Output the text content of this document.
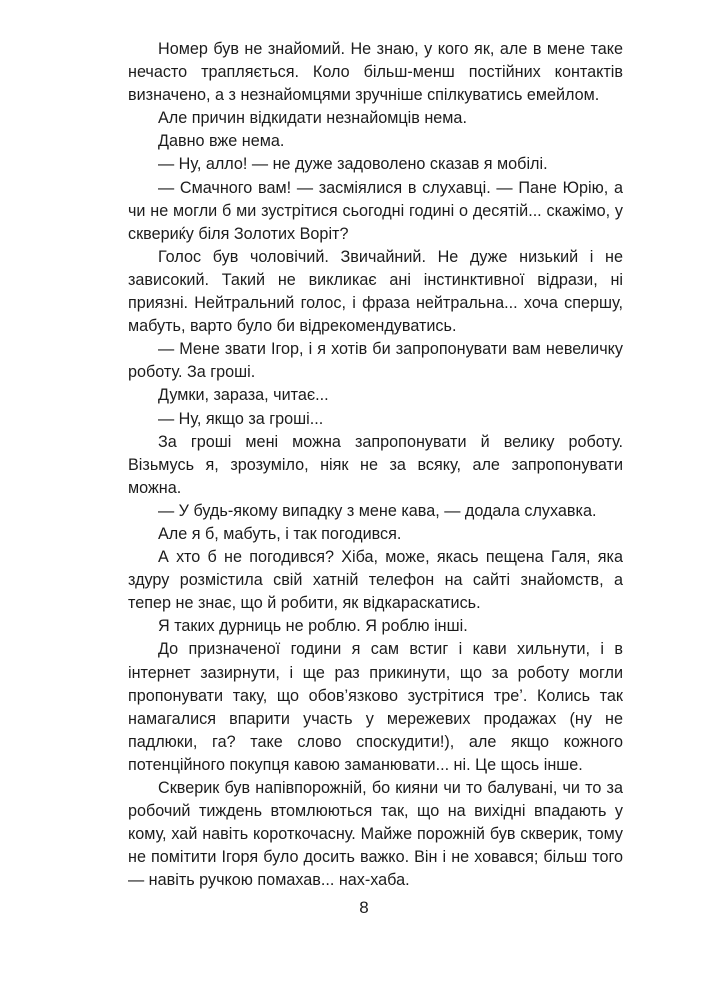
Номер був не знайомий. Не знаю, у кого як, але в мене таке нечасто трапляється. Коло більш-менш постійних контактів визначено, а з незнайомцями зручніше спілкуватись емейлом.

Але причин відкидати незнайомців нема.

Давно вже нема.

— Ну, алло! — не дуже задоволено сказав я мобілі.

— Смачного вам! — засміялися в слухавці. — Пане Юрію, а чи не могли б ми зустрітися сьогодні годині о десятій... скажімо, у сквериќу біля Золотих Воріт?

Голос був чоловічий. Звичайний. Не дуже низький і не зависокий. Такий не викликає ані інстинктивної відрази, ні приязні. Нейтральний голос, і фраза нейтральна... хоча спершу, мабуть, варто було би відрекомендуватись.

— Мене звати Ігор, і я хотів би запропонувати вам невеличку роботу. За гроші.

Думки, зараза, читає...

— Ну, якщо за гроші...

За гроші мені можна запропонувати й велику роботу. Візьмусь я, зрозуміло, ніяк не за всяку, але запропонувати можна.

— У будь-якому випадку з мене кава, — додала слухавка.

Але я б, мабуть, і так погодився.

А хто б не погодився? Хіба, може, якась пещена Галя, яка здуру розмістила свій хатній телефон на сайті знайомств, а тепер не знає, що й робити, як відкараскатись.

Я таких дурниць не роблю. Я роблю інші.

До призначеної години я сам встиг і кави хильнути, і в інтернет зазирнути, і ще раз прикинути, що за роботу могли пропонувати таку, що обов’язково зустрітися тре’. Колись так намагалися впарити участь у мережевих продажах (ну не падлюки, га? таке слово споскудити!), але якщо кожного потенційного покупця кавою заманювати... ні. Це щось інше.

Скверик був напівпорожній, бо кияни чи то балувані, чи то за робочий тиждень втомлюються так, що на вихідні впадають у кому, хай навіть короткочасну. Майже порожній був скверик, тому не помітити Ігоря було досить важко. Він і не ховався; більш того — навіть ручкою помахав... нах-хаба.

8
